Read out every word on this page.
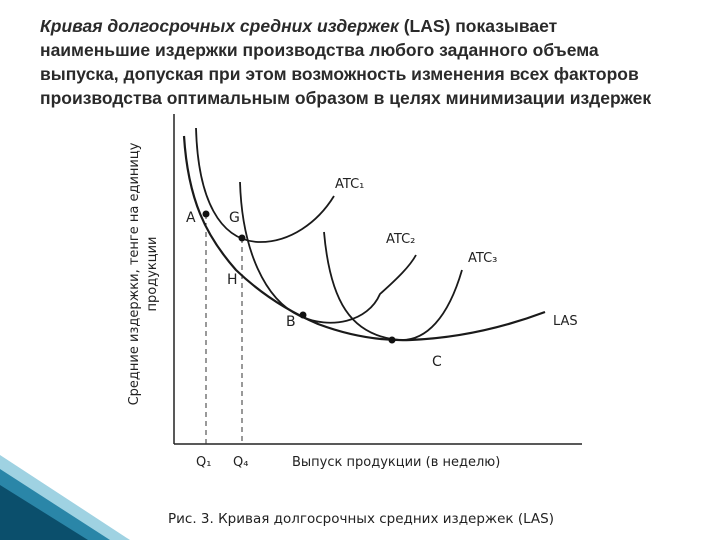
Кривая долгосрочных средних издержек (LAS) показывает
наименьшие издержки производства любого заданного объема
выпуска, допуская при этом возможность изменения всех факторов
производства оптимальным образом в целях минимизации издержек
Средние издержки, тенге на единицу продукции
A G
H
B
C
ATC₁
ATC₂
ATC₃
LAS
Q₁ Q₄	Выпуск продукции (в неделю)
Рис. 3. Кривая долгосрочных средних издержек (LAS)
